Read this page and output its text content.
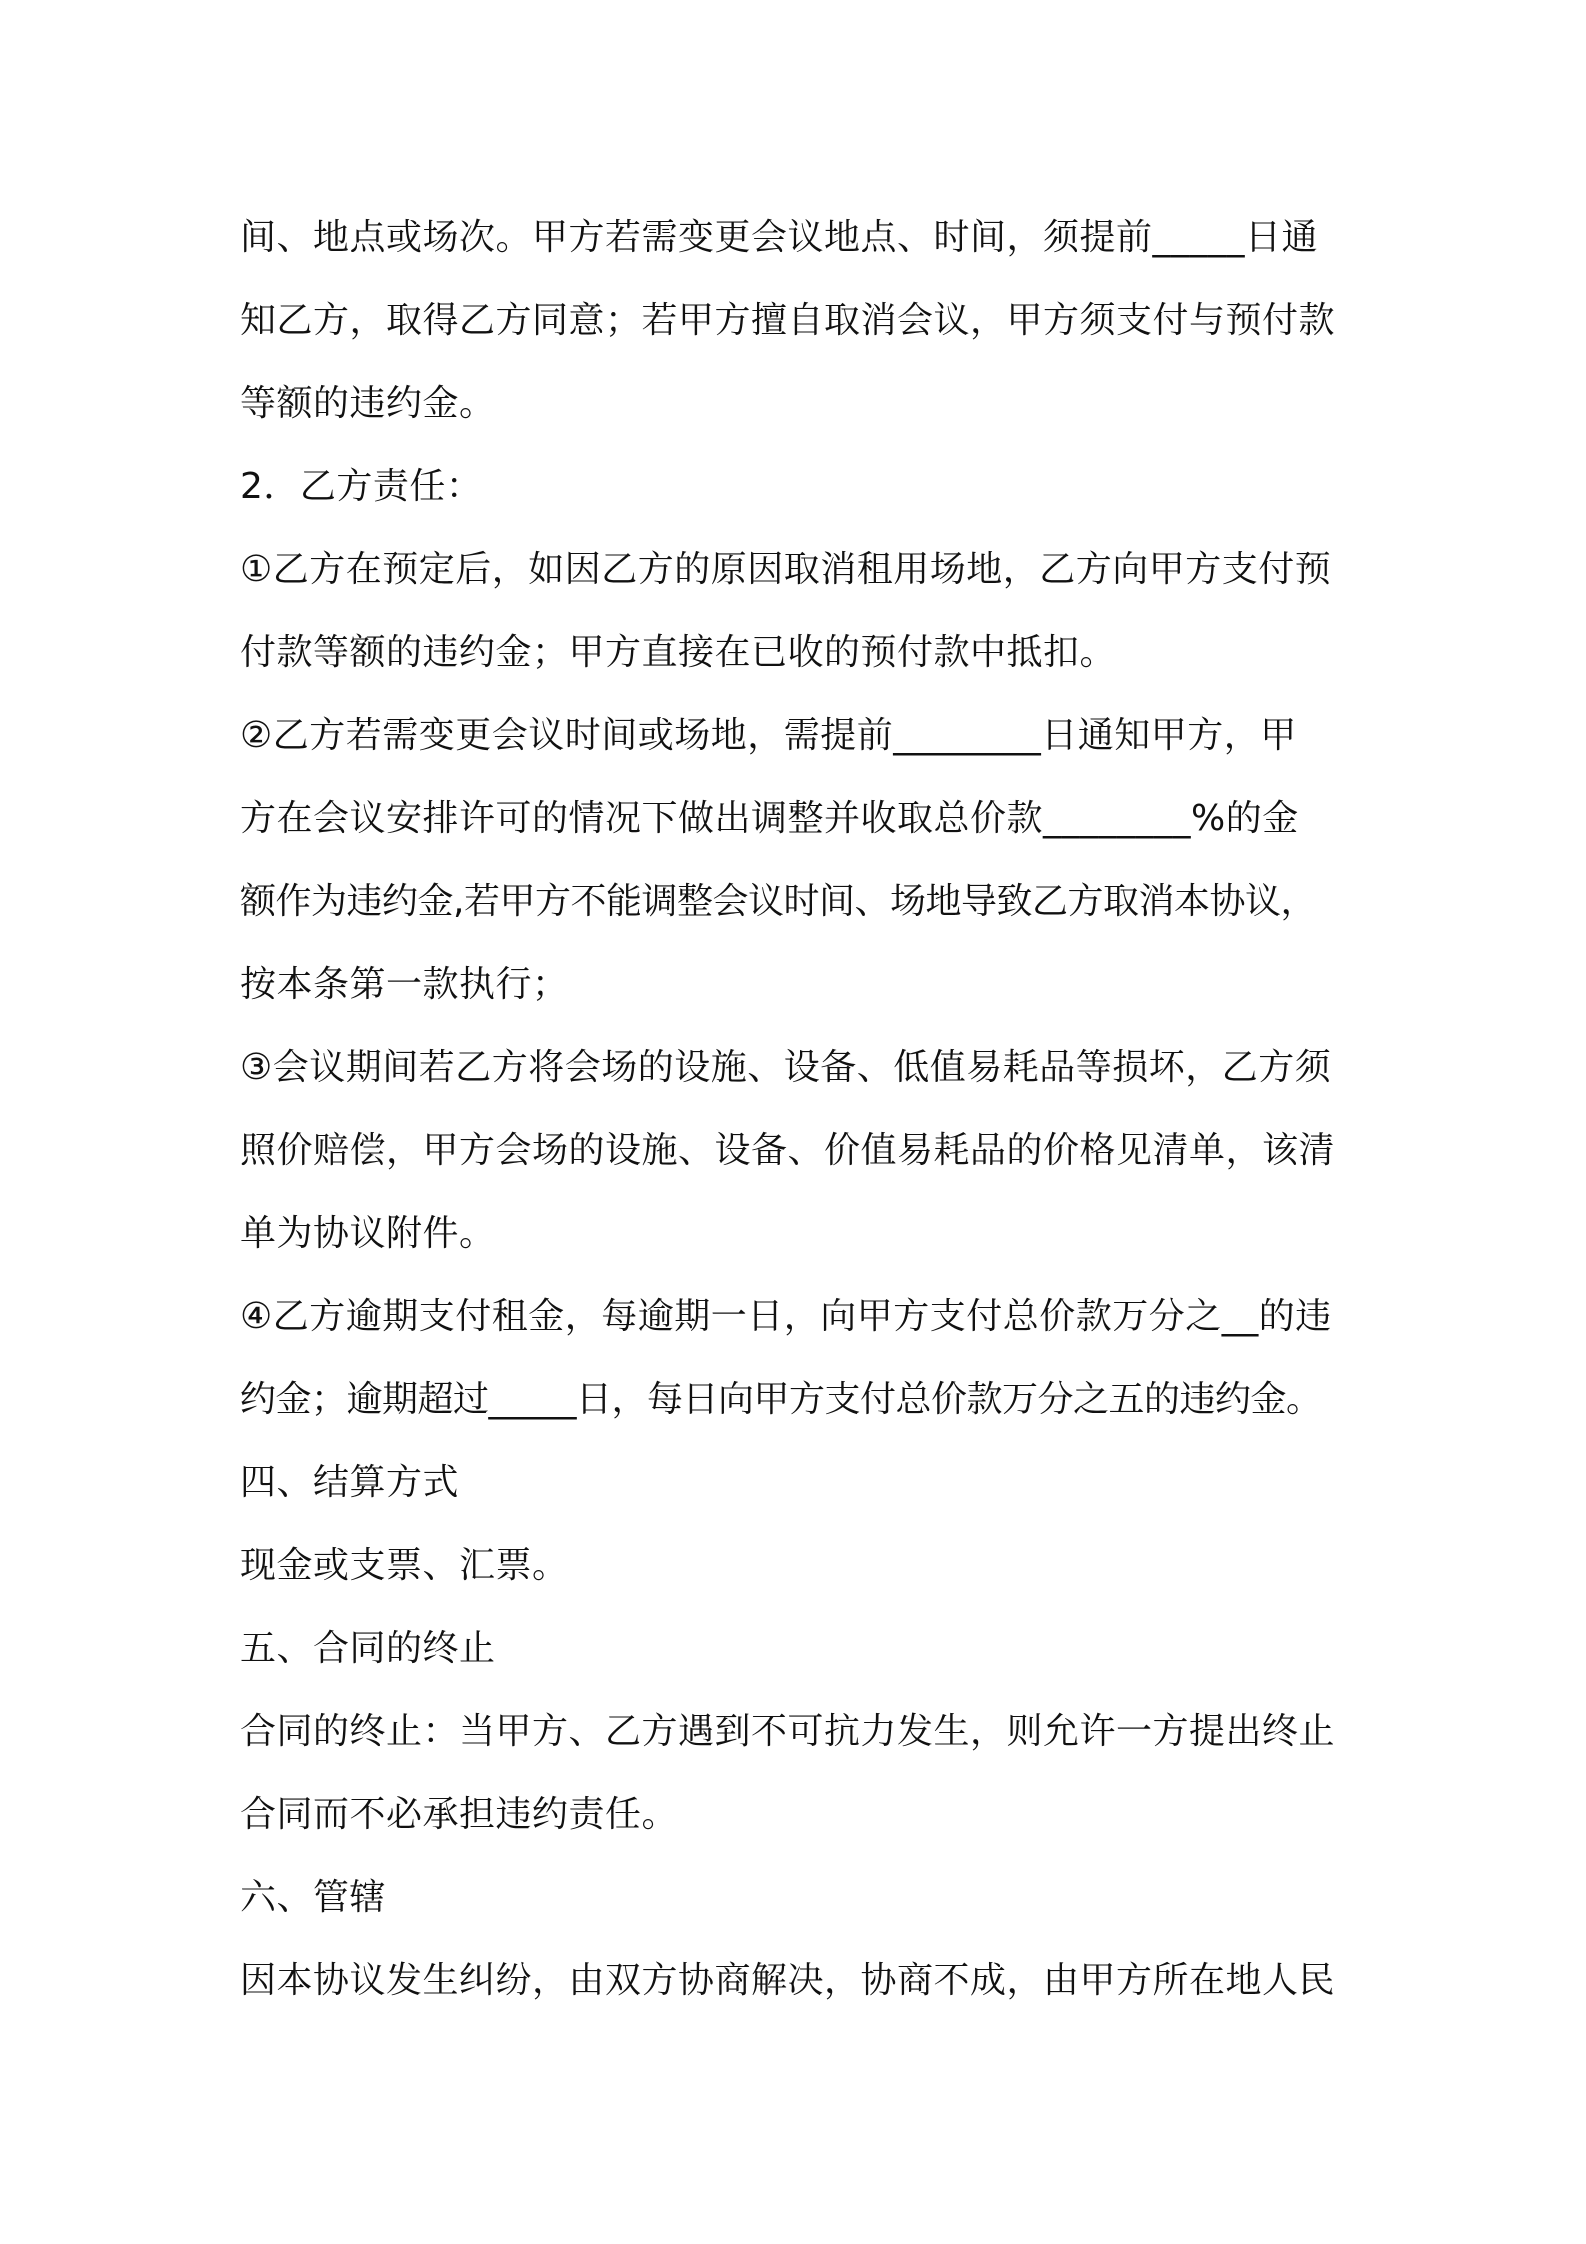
间、地点或场次。甲方若需变更会议地点、时间，须提前_____日通
知乙方，取得乙方同意；若甲方擅自取消会议，甲方须支付与预付款
等额的违约金。
2．乙方责任：
①乙方在预定后，如因乙方的原因取消租用场地，乙方向甲方支付预
付款等额的违约金；甲方直接在已收的预付款中抵扣。
②乙方若需变更会议时间或场地，需提前________日通知甲方，甲
方在会议安排许可的情况下做出调整并收取总价款________%的金
额作为违约金,若甲方不能调整会议时间、场地导致乙方取消本协议，
按本条第一款执行；
③会议期间若乙方将会场的设施、设备、低值易耗品等损坏，乙方须
照价赔偿，甲方会场的设施、设备、价值易耗品的价格见清单，该清
单为协议附件。
④乙方逾期支付租金，每逾期一日，向甲方支付总价款万分之__的违
约金；逾期超过_____日，每日向甲方支付总价款万分之五的违约金。
四、结算方式
现金或支票、汇票。
五、合同的终止
合同的终止：当甲方、乙方遇到不可抗力发生，则允许一方提出终止
合同而不必承担违约责任。
六、管辖
因本协议发生纠纷，由双方协商解决，协商不成，由甲方所在地人民
